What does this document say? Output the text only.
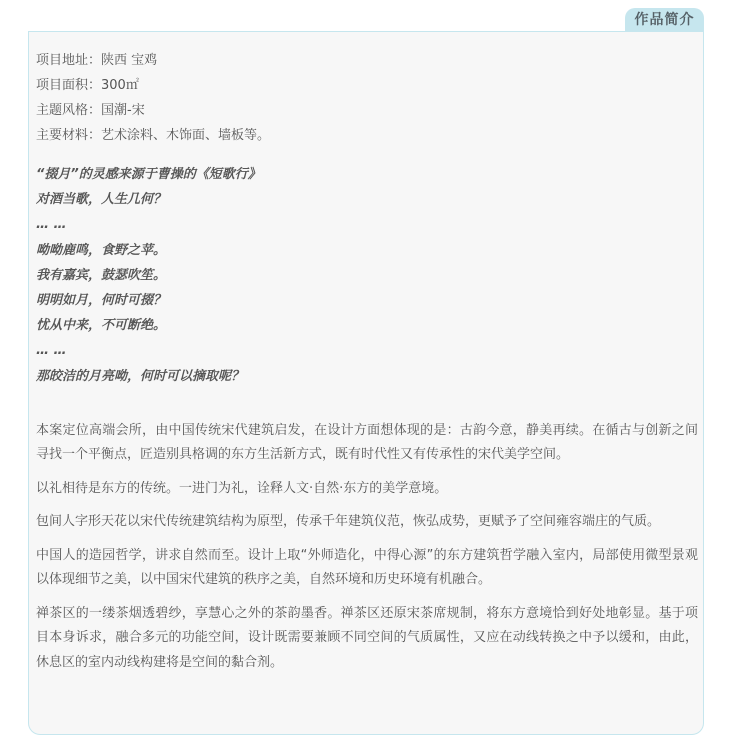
作品简介

项目地址：陕西 宝鸡

项目面积：300㎡

主题风格：国潮-宋

主要材料：艺术涂料、木饰面、墙板等。

“掇月”的灵感来源于曹操的《短歌行》

对酒当歌，人生几何？

… …

呦呦鹿鸣，食野之苹。

我有嘉宾，鼓瑟吹笙。

明明如月，何时可掇？

忧从中来，不可断绝。

… …

那皎洁的月亮呦，何时可以摘取呢？

本案定位高端会所，由中国传统宋代建筑启发，在设计方面想体现的是：古韵今意，静美再续。在循古与创新之间寻找一个平衡点，匠造别具格调的东方生活新方式，既有时代性又有传承性的宋代美学空间。

以礼相待是东方的传统。一进门为礼，诠释人文·自然·东方的美学意境。

包间人字形天花以宋代传统建筑结构为原型，传承千年建筑仪范，恢弘成势，更赋予了空间雍容端庄的气质。

中国人的造园哲学，讲求自然而至。设计上取“外师造化，中得心源”的东方建筑哲学融入室内，局部使用微型景观以体现细节之美，以中国宋代建筑的秩序之美，自然环境和历史环境有机融合。

禅茶区的一缕茶烟透碧纱，享慧心之外的茶韵墨香。禅茶区还原宋茶席规制，将东方意境恰到好处地彰显。基于项目本身诉求，融合多元的功能空间，设计既需要兼顾不同空间的气质属性，又应在动线转换之中予以缓和，由此，休息区的室内动线构建将是空间的黏合剂。
